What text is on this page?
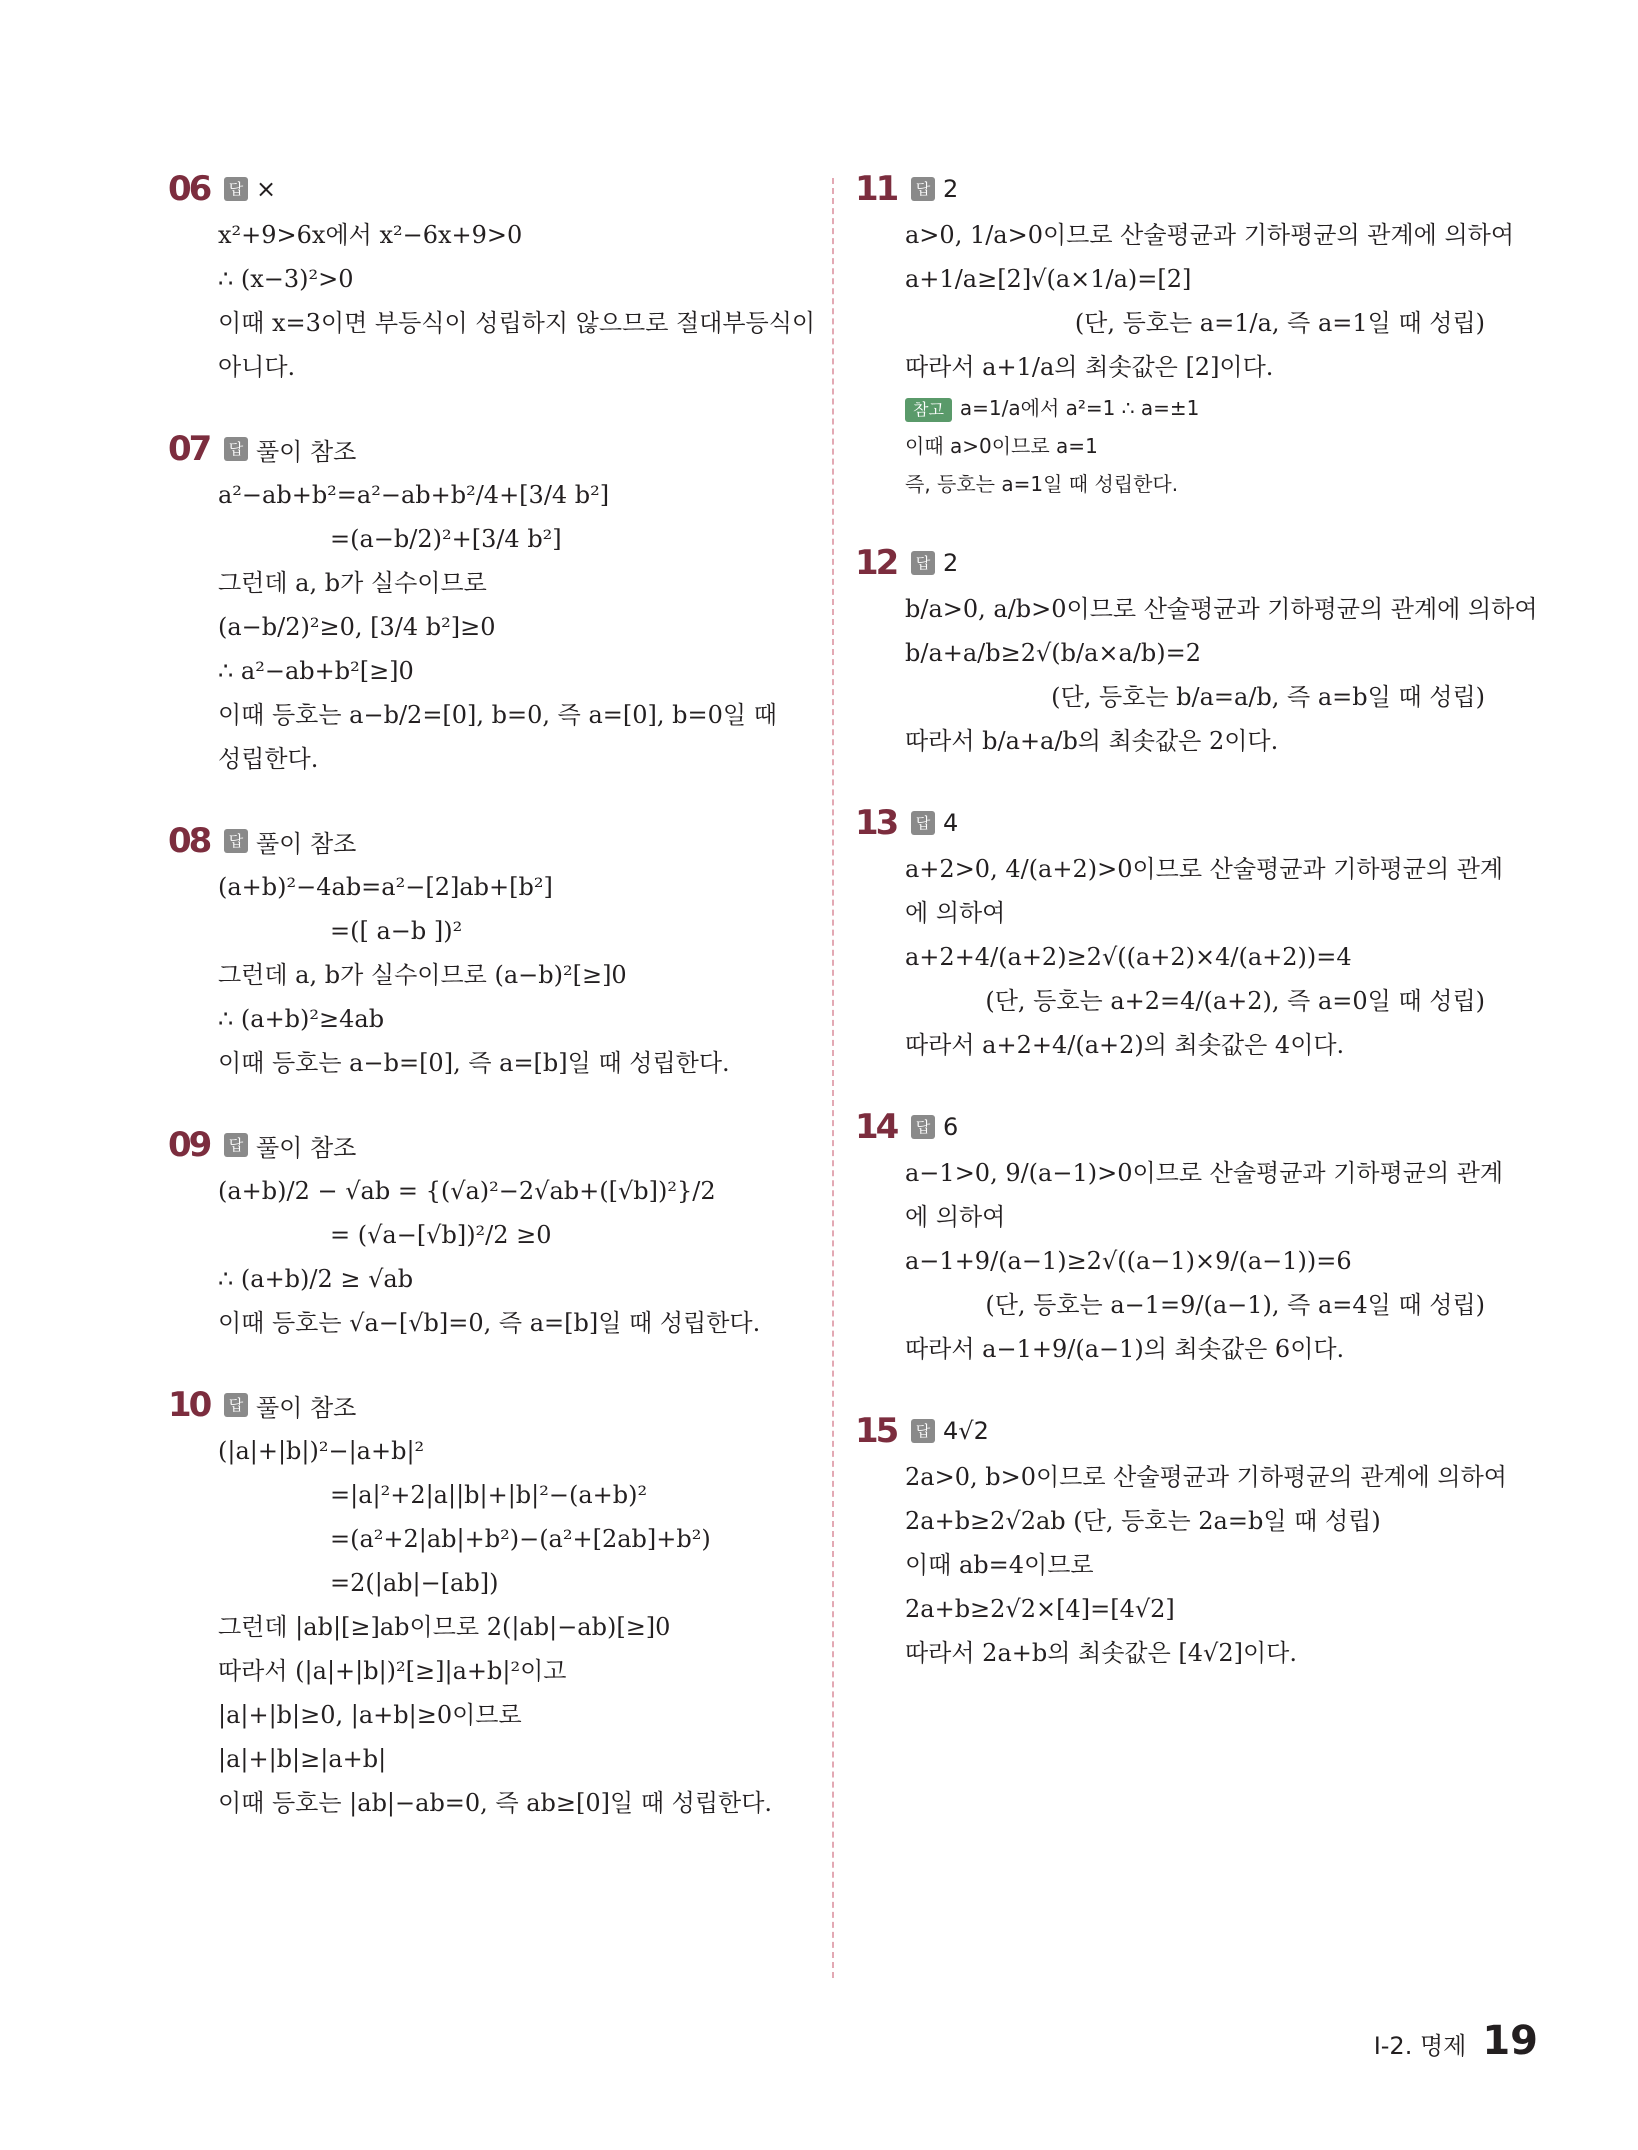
06	답 ×
x²+9>6x에서 x²−6x+9>0
∴ (x−3)²>0
이때 x=3이면 부등식이 성립하지 않으므로 절대부등식이
아니다.
07	답 풀이 참조
a²−ab+b²=a²−ab+b²/4+[3/4 b²]
=(a−b/2)²+[3/4 b²]
그런데 a, b가 실수이므로
(a−b/2)²≥0, [3/4 b²]≥0
∴ a²−ab+b²[≥]0
이때 등호는 a−b/2=[0], b=0, 즉 a=[0], b=0일 때
성립한다.
08	답 풀이 참조
(a+b)²−4ab=a²−[2]ab+[b²]
=([ a−b ])²
그런데 a, b가 실수이므로 (a−b)²[≥]0
∴ (a+b)²≥4ab
이때 등호는 a−b=[0], 즉 a=[b]일 때 성립한다.
09	답 풀이 참조
(a+b)/2 − √ab = {(√a)²−2√ab+([√b])²}/2
= (√a−[√b])²/2 ≥0
∴ (a+b)/2 ≥ √ab
이때 등호는 √a−[√b]=0, 즉 a=[b]일 때 성립한다.
10	답 풀이 참조
(|a|+|b|)²−|a+b|²
=|a|²+2|a||b|+|b|²−(a+b)²
=(a²+2|ab|+b²)−(a²+[2ab]+b²)
=2(|ab|−[ab])
그런데 |ab|[≥]ab이므로 2(|ab|−ab)[≥]0
따라서 (|a|+|b|)²[≥]|a+b|²이고
|a|+|b|≥0, |a+b|≥0이므로
|a|+|b|≥|a+b|
이때 등호는 |ab|−ab=0, 즉 ab≥[0]일 때 성립한다.
11	답 2
a>0, 1/a>0이므로 산술평균과 기하평균의 관계에 의하여
a+1/a≥[2]√(a×1/a)=[2]
(단, 등호는 a=1/a, 즉 a=1일 때 성립)
따라서 a+1/a의 최솟값은 [2]이다.
참고 a=1/a에서 a²=1 ∴ a=±1
이때 a>0이므로 a=1
즉, 등호는 a=1일 때 성립한다.
12	답 2
b/a>0, a/b>0이므로 산술평균과 기하평균의 관계에 의하여
b/a+a/b≥2√(b/a×a/b)=2
(단, 등호는 b/a=a/b, 즉 a=b일 때 성립)
따라서 b/a+a/b의 최솟값은 2이다.
13	답 4
a+2>0, 4/(a+2)>0이므로 산술평균과 기하평균의 관계
에 의하여
a+2+4/(a+2)≥2√((a+2)×4/(a+2))=4
(단, 등호는 a+2=4/(a+2), 즉 a=0일 때 성립)
따라서 a+2+4/(a+2)의 최솟값은 4이다.
14	답 6
a−1>0, 9/(a−1)>0이므로 산술평균과 기하평균의 관계
에 의하여
a−1+9/(a−1)≥2√((a−1)×9/(a−1))=6
(단, 등호는 a−1=9/(a−1), 즉 a=4일 때 성립)
따라서 a−1+9/(a−1)의 최솟값은 6이다.
15	답 4√2
2a>0, b>0이므로 산술평균과 기하평균의 관계에 의하여
2a+b≥2√2ab (단, 등호는 2a=b일 때 성립)
이때 ab=4이므로
2a+b≥2√2×[4]=[4√2]
따라서 2a+b의 최솟값은 [4√2]이다.
Ⅰ-2. 명제 19
